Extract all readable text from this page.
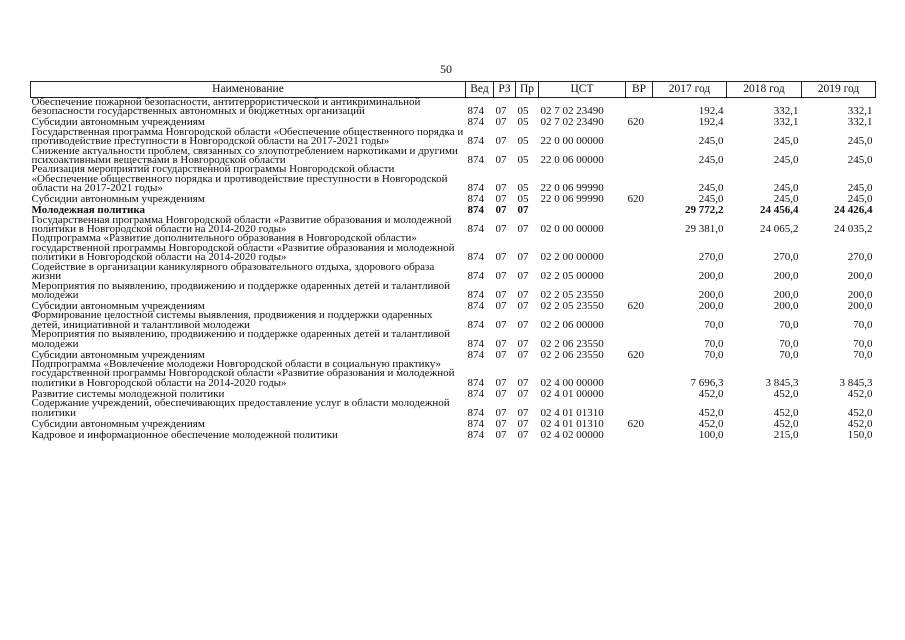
50
Наименование	Вед	РЗ	Пр	ЦСТ	ВР	2017 год	2018 год	2019 год
Обеспечение пожарной безопасности, антитеррористической и антикриминальной безопасности государственных автономных и бюджетных организаций	874	07	05	02 7 02 23490		192,4	332,1	332,1
Субсидии автономным учреждениям	874	07	05	02 7 02 23490	620	192,4	332,1	332,1
Государственная программа Новгородской области «Обеспечение общественного порядка и противодействие преступности в Новгородской области на 2017-2021 годы»	874	07	05	22 0 00 00000		245,0	245,0	245,0
Снижение актуальности проблем, связанных со злоупотреблением наркотиками и другими психоактивными веществами в Новгородской области	874	07	05	22 0 06 00000		245,0	245,0	245,0
Реализация мероприятий государственной программы Новгородской области «Обеспечение общественного порядка и противодействие преступности в Новгородской области на 2017-2021 годы»	874	07	05	22 0 06 99990		245,0	245,0	245,0
Субсидии автономным учреждениям	874	07	05	22 0 06 99990	620	245,0	245,0	245,0
Молодежная политика	874	07	07			29 772,2	24 456,4	24 426,4
Государственная программа Новгородской области «Развитие образования и молодежной политики в Новгородской области на 2014-2020 годы»	874	07	07	02 0 00 00000		29 381,0	24 065,2	24 035,2
Подпрограмма «Развитие дополнительного образования в Новгородской области» государственной программы Новгородской области «Развитие образования и молодежной политики в Новгородской области на 2014-2020 годы»	874	07	07	02 2 00 00000		270,0	270,0	270,0
Содействие в организации каникулярного образовательного отдыха, здорового образа жизни	874	07	07	02 2 05 00000		200,0	200,0	200,0
Мероприятия по выявлению, продвижению и поддержке одаренных детей и талантливой молодежи	874	07	07	02 2 05 23550		200,0	200,0	200,0
Субсидии автономным учреждениям	874	07	07	02 2 05 23550	620	200,0	200,0	200,0
Формирование целостной системы выявления, продвижения и поддержки одаренных детей, инициативной и талантливой молодежи	874	07	07	02 2 06 00000		70,0	70,0	70,0
Мероприятия по выявлению, продвижению и поддержке одаренных детей и талантливой молодежи	874	07	07	02 2 06 23550		70,0	70,0	70,0
Субсидии автономным учреждениям	874	07	07	02 2 06 23550	620	70,0	70,0	70,0
Подпрограмма «Вовлечение молодежи Новгородской области в социальную практику» государственной программы Новгородской области «Развитие образования и молодежной политики в Новгородской области на 2014-2020 годы»	874	07	07	02 4 00 00000		7 696,3	3 845,3	3 845,3
Развитие системы молодежной политики	874	07	07	02 4 01 00000		452,0	452,0	452,0
Содержание учреждений, обеспечивающих предоставление услуг в области молодежной политики	874	07	07	02 4 01 01310		452,0	452,0	452,0
Субсидии автономным учреждениям	874	07	07	02 4 01 01310	620	452,0	452,0	452,0
Кадровое и информационное обеспечение молодежной политики	874	07	07	02 4 02 00000		100,0	215,0	150,0
